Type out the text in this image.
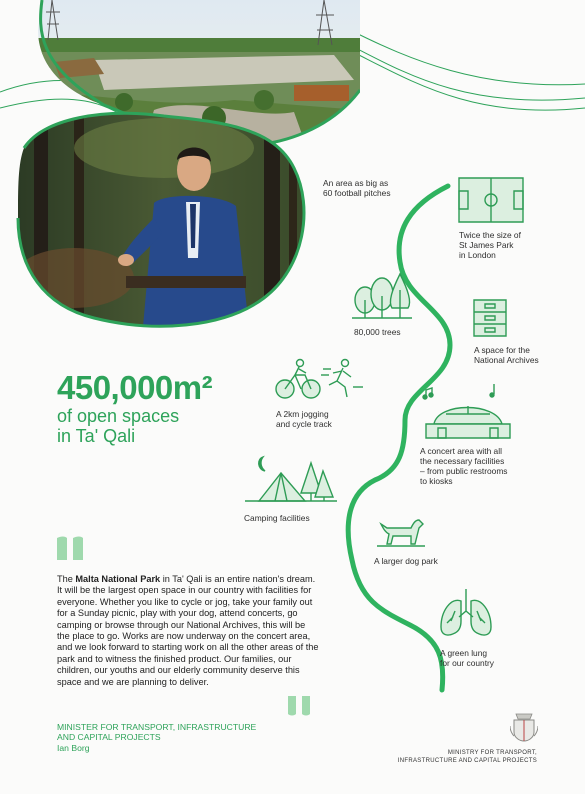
450,000m²
of open spaces
in Ta' Qali
An area as big as
60 football pitches
Twice the size of
St James Park
in London
80,000 trees
A space for the
National Archives
A 2km jogging
and cycle track
A concert area with all
the necessary facilities
– from public restrooms
to kiosks
Camping facilities
A larger dog park
A green lung
for our country
The Malta National Park in Ta' Qali is an entire nation's dream. It will be the largest open space in our country with facilities for everyone. Whether you like to cycle or jog, take your family out for a Sunday picnic, play with your dog, attend concerts, go camping or browse through our National Archives, this will be the place to go. Works are now underway on the concert area, and we look forward to starting work on all the other areas of the park and to witness the finished product. Our families, our children, our youths and our elderly community deserve this space and we are planning to deliver.
MINISTER FOR TRANSPORT, INFRASTRUCTURE
AND CAPITAL PROJECTS
Ian Borg
MINISTRY FOR TRANSPORT,
INFRASTRUCTURE AND CAPITAL PROJECTS
